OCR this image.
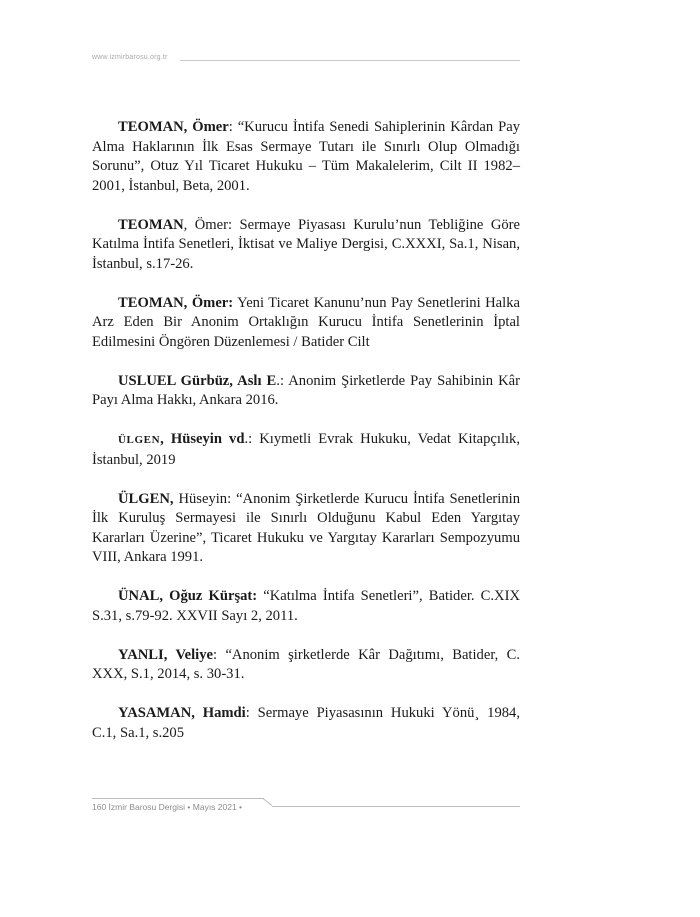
www.izmirbarosu.org.tr

TEOMAN, Ömer: “Kurucu İntifa Senedi Sahiplerinin Kârdan Pay Alma Haklarının İlk Esas Sermaye Tutarı ile Sınırlı Olup Olmadığı Sorunu”, Otuz Yıl Ticaret Hukuku – Tüm Makalelerim, Cilt II 1982–2001, İstanbul, Beta, 2001.

TEOMAN, Ömer: Sermaye Piyasası Kurulu’nun Tebliğine Göre Katılma İntifa Senetleri, İktisat ve Maliye Dergisi, C.XXXI, Sa.1, Nisan, İstanbul, s.17-26.

TEOMAN, Ömer: Yeni Ticaret Kanunu’nun Pay Senetlerini Halka Arz Eden Bir Anonim Ortaklığın Kurucu İntifa Senetlerinin İptal Edilmesini Öngören Düzenlemesi / Batider Cilt

USLUEL Gürbüz, Aslı E.: Anonim Şirketlerde Pay Sahibinin Kâr Payı Alma Hakkı, Ankara 2016.

ÜLGEN, Hüseyin vd.: Kıymetli Evrak Hukuku, Vedat Kitapçılık, İstanbul, 2019

ÜLGEN, Hüseyin: “Anonim Şirketlerde Kurucu İntifa Senetlerinin İlk Kuruluş Sermayesi ile Sınırlı Olduğunu Kabul Eden Yargıtay Kararları Üzerine”, Ticaret Hukuku ve Yargıtay Kararları Sempozyumu VIII, Ankara 1991.

ÜNAL, Oğuz Kürşat: “Katılma İntifa Senetleri”, Batider. C.XIX S.31, s.79-92. XXVII Sayı 2, 2011.

YANLI, Veliye: “Anonim şirketlerde Kâr Dağıtımı, Batider, C. XXX, S.1, 2014, s. 30-31.

YASAMAN, Hamdi: Sermaye Piyasasının Hukuki Yönü¸ 1984, C.1, Sa.1, s.205

160 İzmir Barosu Dergisi • Mayıs 2021 •
